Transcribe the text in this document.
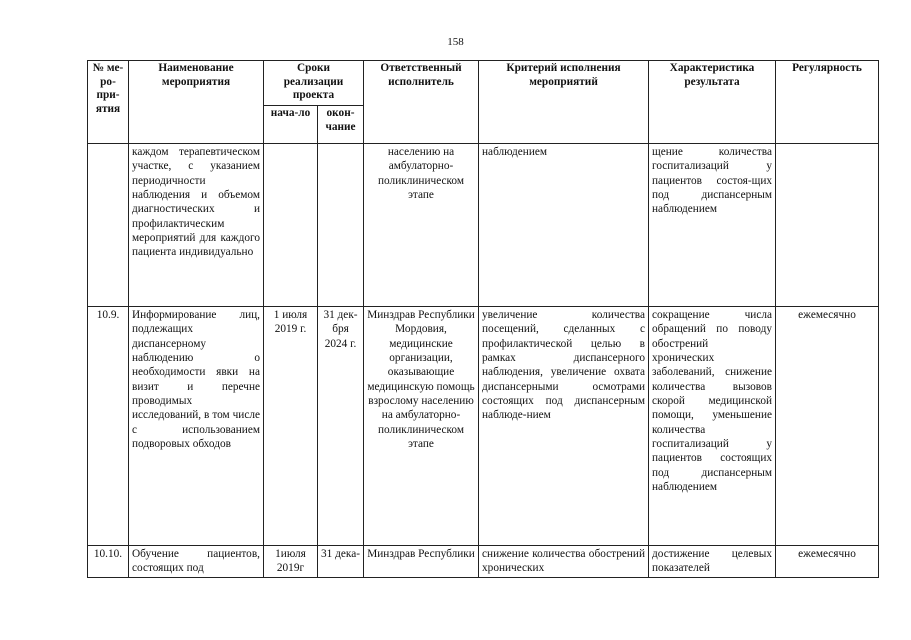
158
№ ме-ро-при-ятия	Наименование мероприятия	Сроки реализации проекта		Ответственный исполнитель	Критерий исполнения мероприятий	Характеристика результата	Регулярность
		нача-ло	окон-чание				
	каждом терапевтическом участке, с указанием периодичности наблюдения и объемом диагностических и профилактическим мероприятий для каждого пациента индивидуально			населению на амбулаторно-поликлиническом этапе	наблюдением	щение количества госпитализаций у пациентов состоя-щих под диспансерным наблюдением	
10.9.	Информирование лиц, подлежащих диспансерному наблюдению о необходимости явки на визит и перечне проводимых исследований, в том числе с использованием подворовых обходов	1 июля 2019 г.	31 дек-бря 2024 г.	Минздрав Республики Мордовия, медицинские организации, оказывающие медицинскую помощь взрослому населению на амбулаторно-поликлиническом этапе	увеличение количества посещений, сделанных с профилактической целью в рамках диспансерного наблюдения, увеличение охвата диспансерными осмотрами состоящих под диспансерным наблюде-нием	сокращение числа обращений по поводу обострений хронических заболеваний, снижение количества вызовов скорой медицинской помощи, уменьшение количества госпитализаций у пациентов состоящих под диспансерным наблюдением	ежемесячно
10.10.	Обучение пациентов, состоящих под	1июля 2019г	31 дека-	Минздрав Республики	снижение количества обострений хронических	достижение целевых показателей	ежемесячно
